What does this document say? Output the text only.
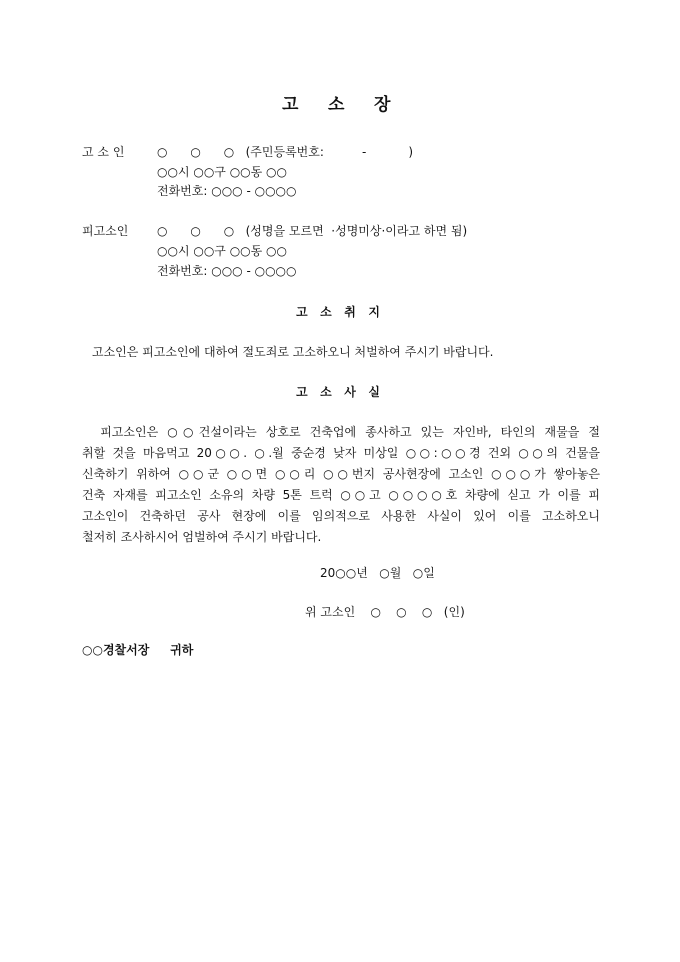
고     소     장
고 소 인	○      ○      ○   (주민등록번호:          -           )
○○시 ○○구 ○○동 ○○
전화번호: ○○○ - ○○○○
피고소인 ○      ○      ○   (성명을 모르면  ·성명미상·이라고 하면 됨)
○○시 ○○구 ○○동 ○○
전화번호: ○○○ - ○○○○
고   소   취   지
고소인은 피고소인에 대하여 절도죄로 고소하오니 처벌하여 주시기 바랍니다.
고   소   사   실
피고소인은 ○○건설이라는 상호로 건축업에 종사하고 있는 자인바, 타인의 재물을 절
취할 것을 마음먹고 20○○. ○.월 중순경 낮자 미상일 ○○:○○경 건외 ○○의 건물을
신축하기 위하여 ○○군 ○○면 ○○리 ○○번지 공사현장에 고소인 ○○○가 쌓아놓은
건축 자재를 피고소인 소유의 차량 5톤 트럭 ○○고 ○○○○호 차량에 싣고 가 이를 피
고소인이 건축하던 공사 현장에 이를 임의적으로 사용한 사실이 있어 이를 고소하오니
철저히 조사하시어 엄벌하여 주시기 바랍니다.
20○○년   ○월   ○일
위 고소인    ○    ○    ○   (인)
○○경찰서장     귀하
